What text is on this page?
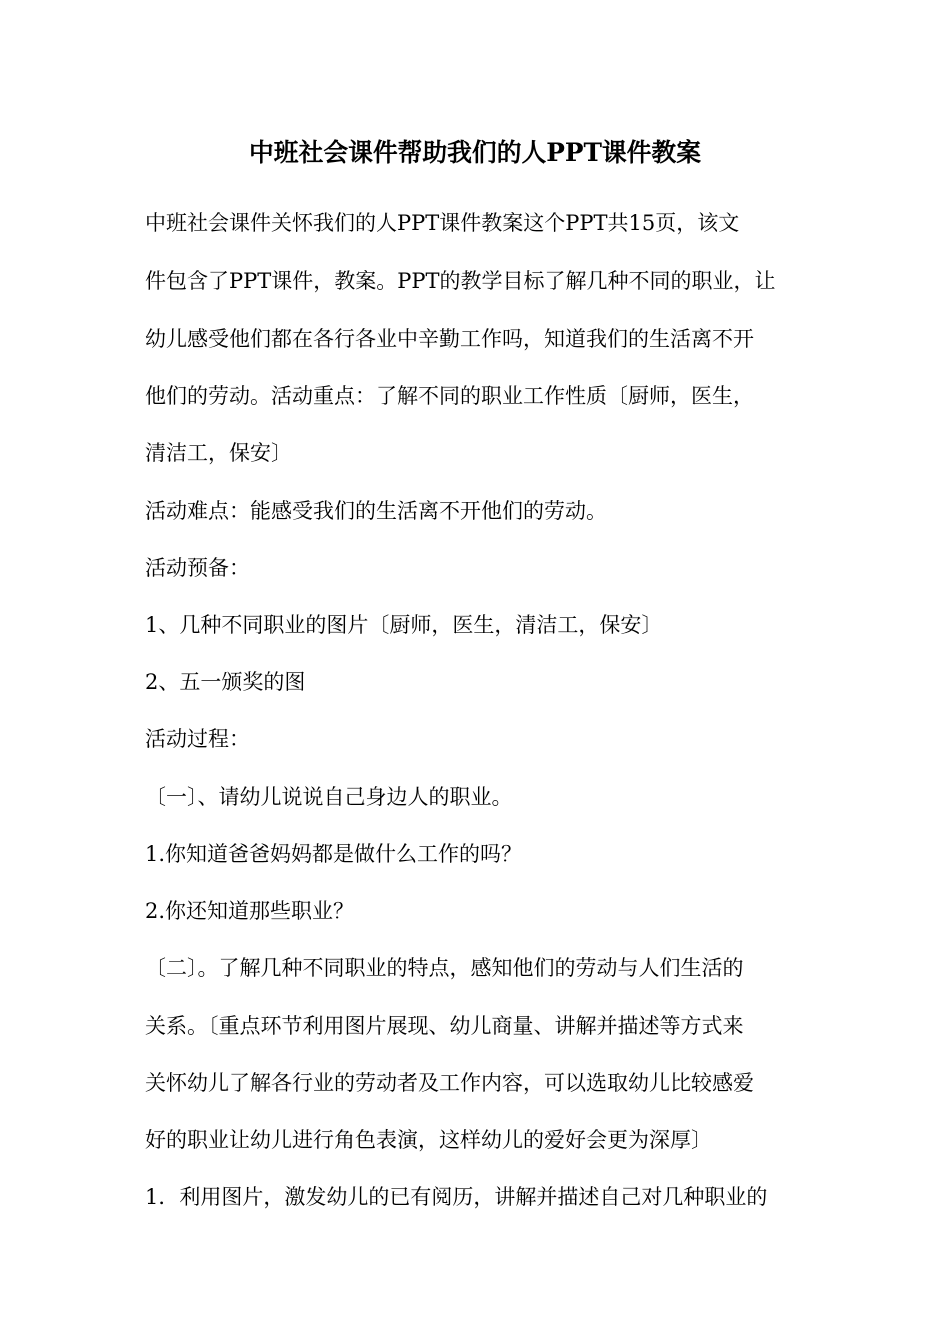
中班社会课件帮助我们的人PPT课件教案
中班社会课件关怀我们的人PPT课件教案这个PPT共15页，该文
件包含了PPT课件，教案。PPT的教学目标了解几种不同的职业，让
幼儿感受他们都在各行各业中辛勤工作吗，知道我们的生活离不开
他们的劳动。活动重点：了解不同的职业工作性质〔厨师，医生，
清洁工，保安〕
活动难点：能感受我们的生活离不开他们的劳动。
活动预备：
1、几种不同职业的图片〔厨师，医生，清洁工，保安〕
2、五一颁奖的图
活动过程：
〔一〕、请幼儿说说自己身边人的职业。
1.你知道爸爸妈妈都是做什么工作的吗？
2.你还知道那些职业？
〔二〕。了解几种不同职业的特点，感知他们的劳动与人们生活的
关系。〔重点环节利用图片展现、幼儿商量、讲解并描述等方式来
关怀幼儿了解各行业的劳动者及工作内容，可以选取幼儿比较感爱
好的职业让幼儿进行角色表演，这样幼儿的爱好会更为深厚〕
1．利用图片，激发幼儿的已有阅历，讲解并描述自己对几种职业的
